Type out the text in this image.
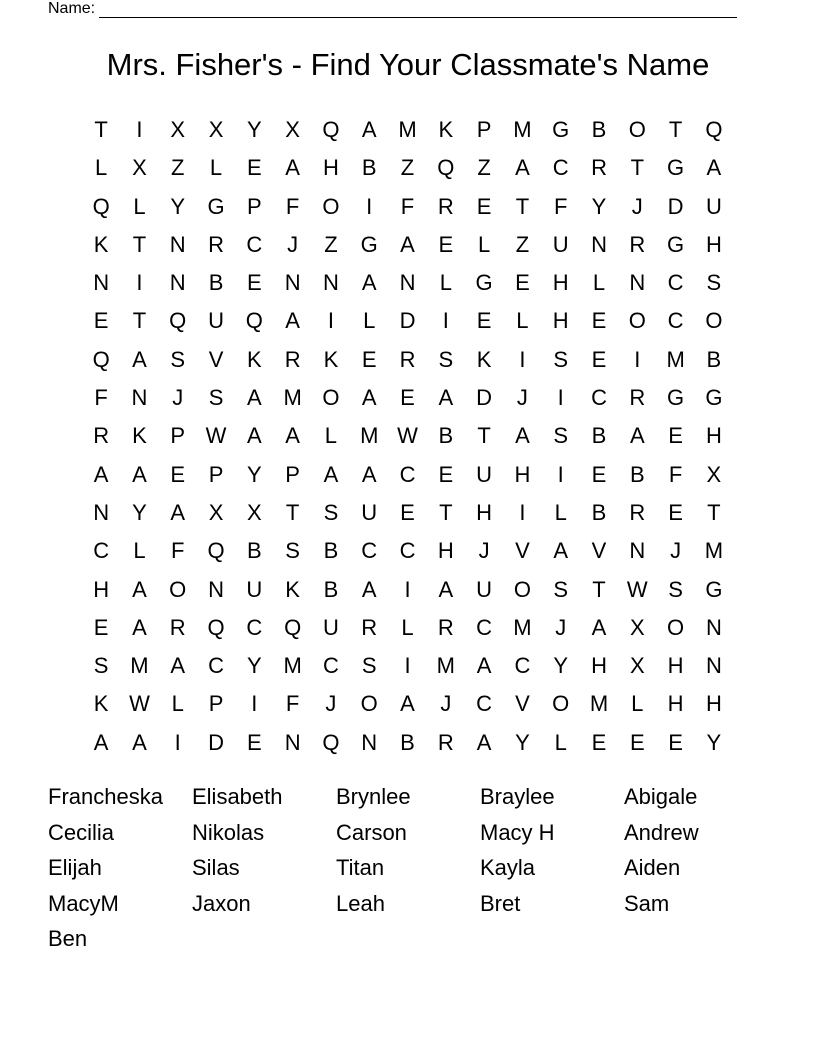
Name:
Mrs. Fisher's - Find Your Classmate's Name
T	I	X	X	Y	X	Q	A M K	P M G	B	O	T	Q
L	X	Z	L	E	A	H	B	Z	Q	Z	A	C	R	T	G	A
Q	L	Y	G	P	F	O	I	F	R	E	T	F	Y	J	D	U
K	T	N	R	C	J	Z	G	A	E	L	Z	U	N	R G H
N	I	N	B	E	N	N	A	N	L	G	E	H	L	N	C	S
E	T	Q U Q	A	I	L	D	I	E	L	H	E	O C O
Q	A	S	V	K	R	K	E	R	S	K	I	S	E	I	M B
F	N	J	S	A M O	A	E	A	D	J	I	C	R G G
R	K	P W A	A	L	M W B	T	A	S	B	A	E	H
A	A	E	P	Y	P	A	A	C	E	U	H	I	E	B	F	X
N	Y	A	X	X	T	S	U	E	T	H	I	L	B	R	E	T
C	L	F	Q	B	S	B	C	C	H	J	V	A	V	N	J	M
H	A	O N	U	K	B	A	I	A	U O	S	T W S	G
E	A	R Q C Q U	R	L	R	C M	J	A	X	O N
S M A	C	Y M C	S	I	M A	C	Y	H	X	H	N
K W L	P	I	F	J	O	A	J	C	V	O M	L	H	H
A	A	I	D	E	N Q N	B	R	A	Y	L	E	E	E	Y
Francheska	Elisabeth	Brynlee	Braylee	Abigale
Cecilia	Nikolas	Carson	Macy H	Andrew
Elijah	Silas	Titan	Kayla	Aiden
MacyM	Jaxon	Leah	Bret	Sam
Ben
